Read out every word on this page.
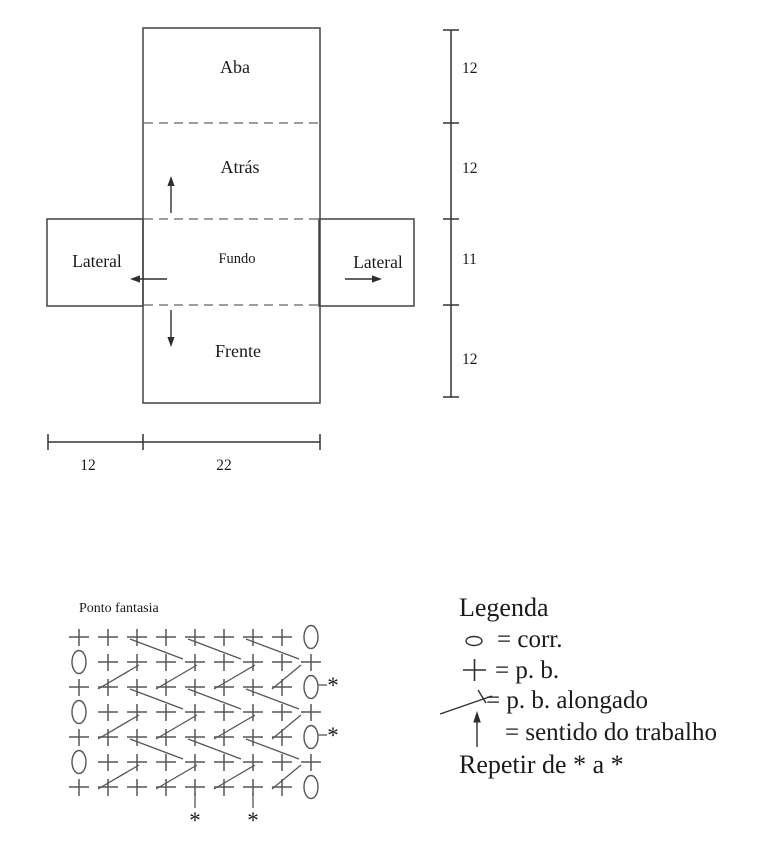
*
*
* *
Aba
Atrás
Fundo
Frente
Lateral	Lateral
12
12
11
12
12	22
Ponto fantasia	Legenda
= corr.
= p. b.
= p. b. alongado
= sentido do trabalho
Repetir de * a *
